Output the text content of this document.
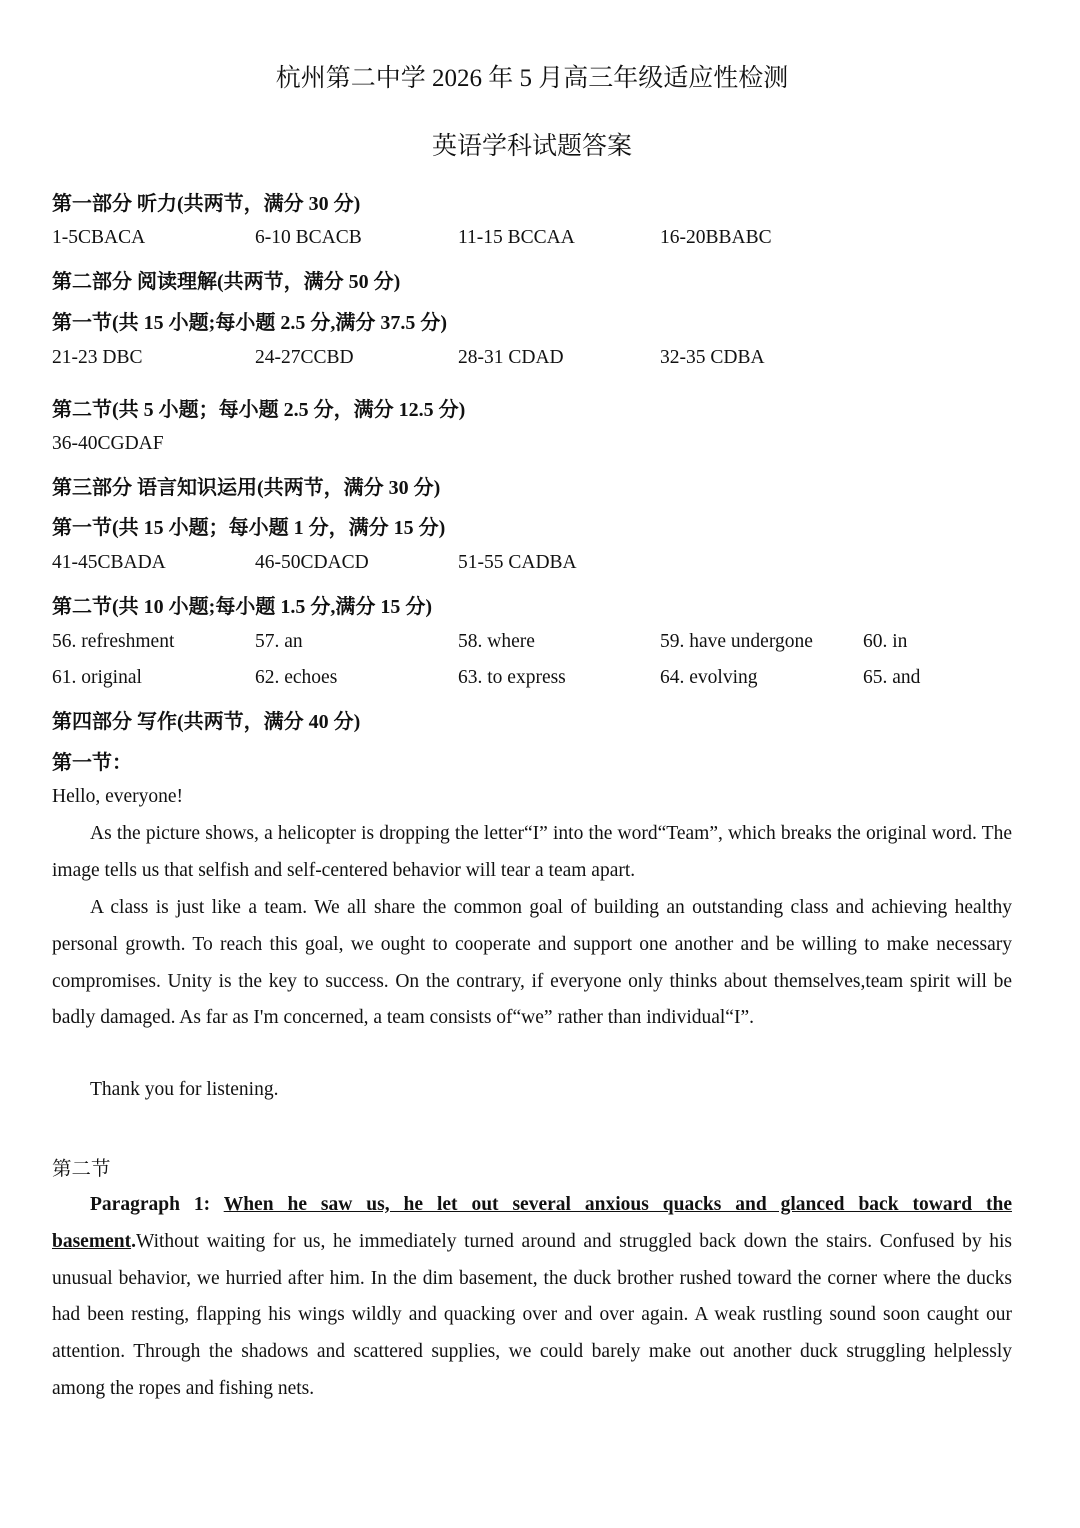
杭州第二中学 2026 年 5 月高三年级适应性检测
英语学科试题答案
第一部分 听力(共两节，满分 30 分)
1-5CBACA	6-10 BCACB	11-15 BCCAA	16-20BBABC
第二部分 阅读理解(共两节，满分 50 分)
第一节(共 15 小题;每小题 2.5 分,满分 37.5 分)
21-23 DBC	24-27CCBD	28-31 CDAD	32-35 CDBA
第二节(共 5 小题；每小题 2.5 分，满分 12.5 分)
36-40CGDAF
第三部分 语言知识运用(共两节，满分 30 分)
第一节(共 15 小题；每小题 1 分，满分 15 分)
41-45CBADA	46-50CDACD	51-55 CADBA
第二节(共 10 小题;每小题 1.5 分,满分 15 分)
56. refreshment	57. an	58. where	59. have undergone	60. in
61. original	62. echoes	63. to express	64. evolving	65. and
第四部分 写作(共两节，满分 40 分)
第一节：
Hello, everyone!
As the picture shows, a helicopter is dropping the letter“I” into the word“Team”, which breaks the original word. The image tells us that selfish and self-centered behavior will tear a team apart.
A class is just like a team. We all share the common goal of building an outstanding class and achieving healthy personal growth. To reach this goal, we ought to cooperate and support one another and be willing to make necessary compromises. Unity is the key to success. On the contrary, if everyone only thinks about themselves,team spirit will be badly damaged. As far as I'm concerned, a team consists of“we” rather than individual“I”.
Thank you for listening.
第二节
Paragraph 1: When he saw us, he let out several anxious quacks and glanced back toward the basement.Without waiting for us, he immediately turned around and struggled back down the stairs. Confused by his unusual behavior, we hurried after him. In the dim basement, the duck brother rushed toward the corner where the ducks had been resting, flapping his wings wildly and quacking over and over again. A weak rustling sound soon caught our attention. Through the shadows and scattered supplies, we could barely make out another duck struggling helplessly among the ropes and fishing nets.
